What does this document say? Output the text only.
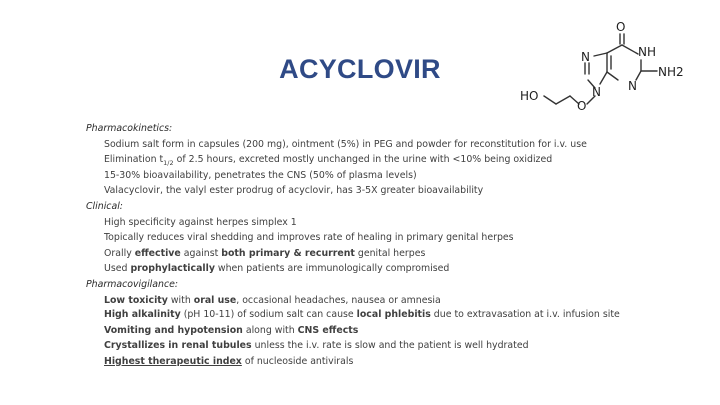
ACYCLOVIR
O
NH
NH2
N
N
N
HO
O
Pharmacokinetics:
Sodium salt form in capsules (200 mg), ointment (5%) in PEG and powder for reconstitution for i.v. use
Elimination $t_{1/2}$ of 2.5 hours, excreted mostly unchanged in the urine with <10% being oxidized
15-30% bioavailability, penetrates the CNS (50% of plasma levels)
Valacyclovir, the valyl ester prodrug of acyclovir, has 3-5X greater bioavailability
Clinical:
High specificity against herpes simplex 1
Topically reduces viral shedding and improves rate of healing in primary genital herpes
Orally effective against both primary & recurrent genital herpes
Used prophylactically when patients are immunologically compromised
Pharmacovigilance:
Low toxicity with oral use, occasional headaches, nausea or amnesia
High alkalinity (pH 10-11) of sodium salt can cause local phlebitis due to extravasation at i.v. infusion site
Vomiting and hypotension along with CNS effects
Crystallizes in renal tubules unless the i.v. rate is slow and the patient is well hydrated
Highest therapeutic index of nucleoside antivirals
